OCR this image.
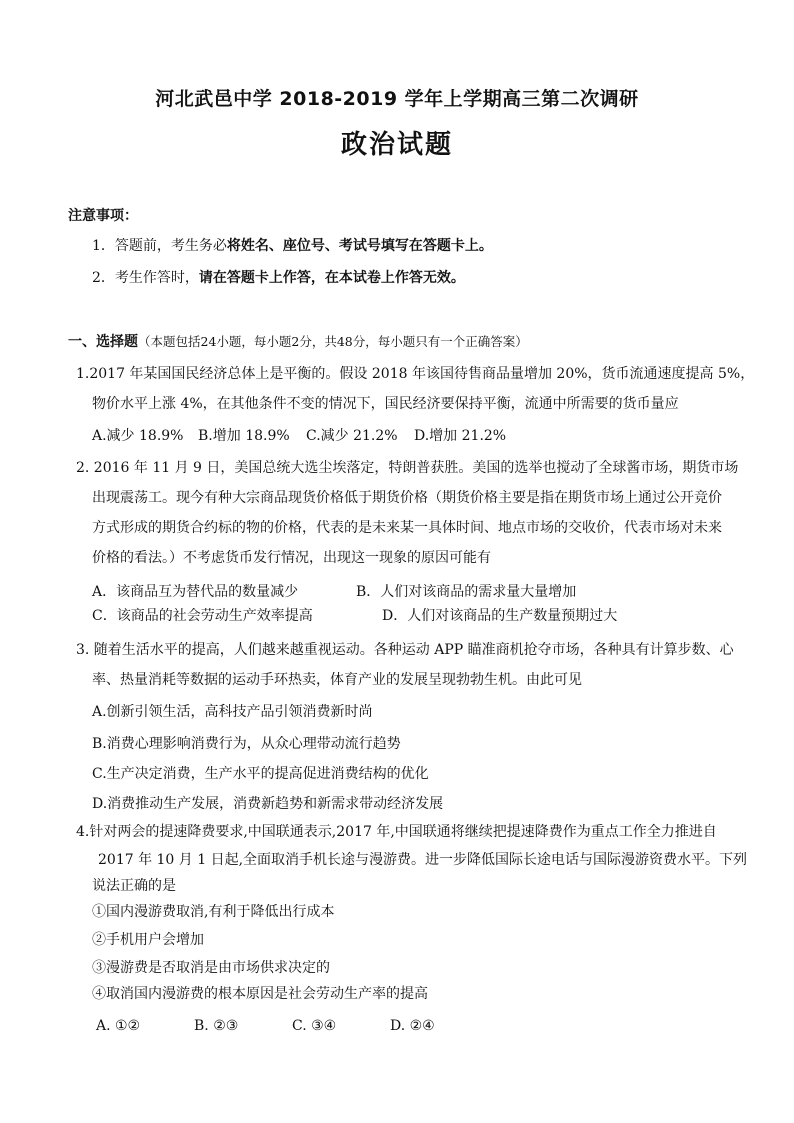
河北武邑中学 2018-2019 学年上学期高三第二次调研
政治试题
注意事项：
1．答题前，考生务必将姓名、座位号、考试号填写在答题卡上。
2．考生作答时，请在答题卡上作答，在本试卷上作答无效。
一、选择题（本题包括24小题，每小题2分，共48分，每小题只有一个正确答案）
1.2017 年某国国民经济总体上是平衡的。假设 2018 年该国待售商品量增加 20%，货币流通速度提高 5%，
物价水平上涨 4%，在其他条件不变的情况下，国民经济要保持平衡，流通中所需要的货币量应
A.减少 18.9% B.增加 18.9% C.减少 21.2% D.增加 21.2%
2. 2016 年 11 月 9 日，美国总统大选尘埃落定，特朗普获胜。美国的选举也搅动了全球酱市场，期货市场
出现震荡工。现今有种大宗商品现货价格低于期货价格（期货价格主要是指在期货市场上通过公开竞价
方式形成的期货合约标的物的价格，代表的是未来某一具体时间、地点市场的交收价，代表市场对未来
价格的看法。）不考虑货币发行情况，出现这一现象的原因可能有
A．该商品互为替代品的数量减少	B．人们对该商品的需求量大量增加
C．该商品的社会劳动生产效率提高	D．人们对该商品的生产数量预期过大
3. 随着生活水平的提高，人们越来越重视运动。各种运动 APP 瞄准商机抢夺市场，各种具有计算步数、心
率、热量消耗等数据的运动手环热卖，体育产业的发展呈现勃勃生机。由此可见
A.创新引领生活，高科技产品引领消费新时尚
B.消费心理影响消费行为，从众心理带动流行趋势
C.生产决定消费，生产水平的提高促进消费结构的优化
D.消费推动生产发展，消费新趋势和新需求带动经济发展
4.针对两会的提速降费要求,中国联通表示,2017 年,中国联通将继续把提速降费作为重点工作全力推进自
2017 年 10 月 1 日起,全面取消手机长途与漫游费。进一步降低国际长途电话与国际漫游资费水平。下列
说法正确的是
①国内漫游费取消,有利于降低出行成本
②手机用户会增加
③漫游费是否取消是由市场供求决定的
④取消国内漫游费的根本原因是社会劳动生产率的提高
A. ①②	B. ②③	C. ③④	D. ②④
